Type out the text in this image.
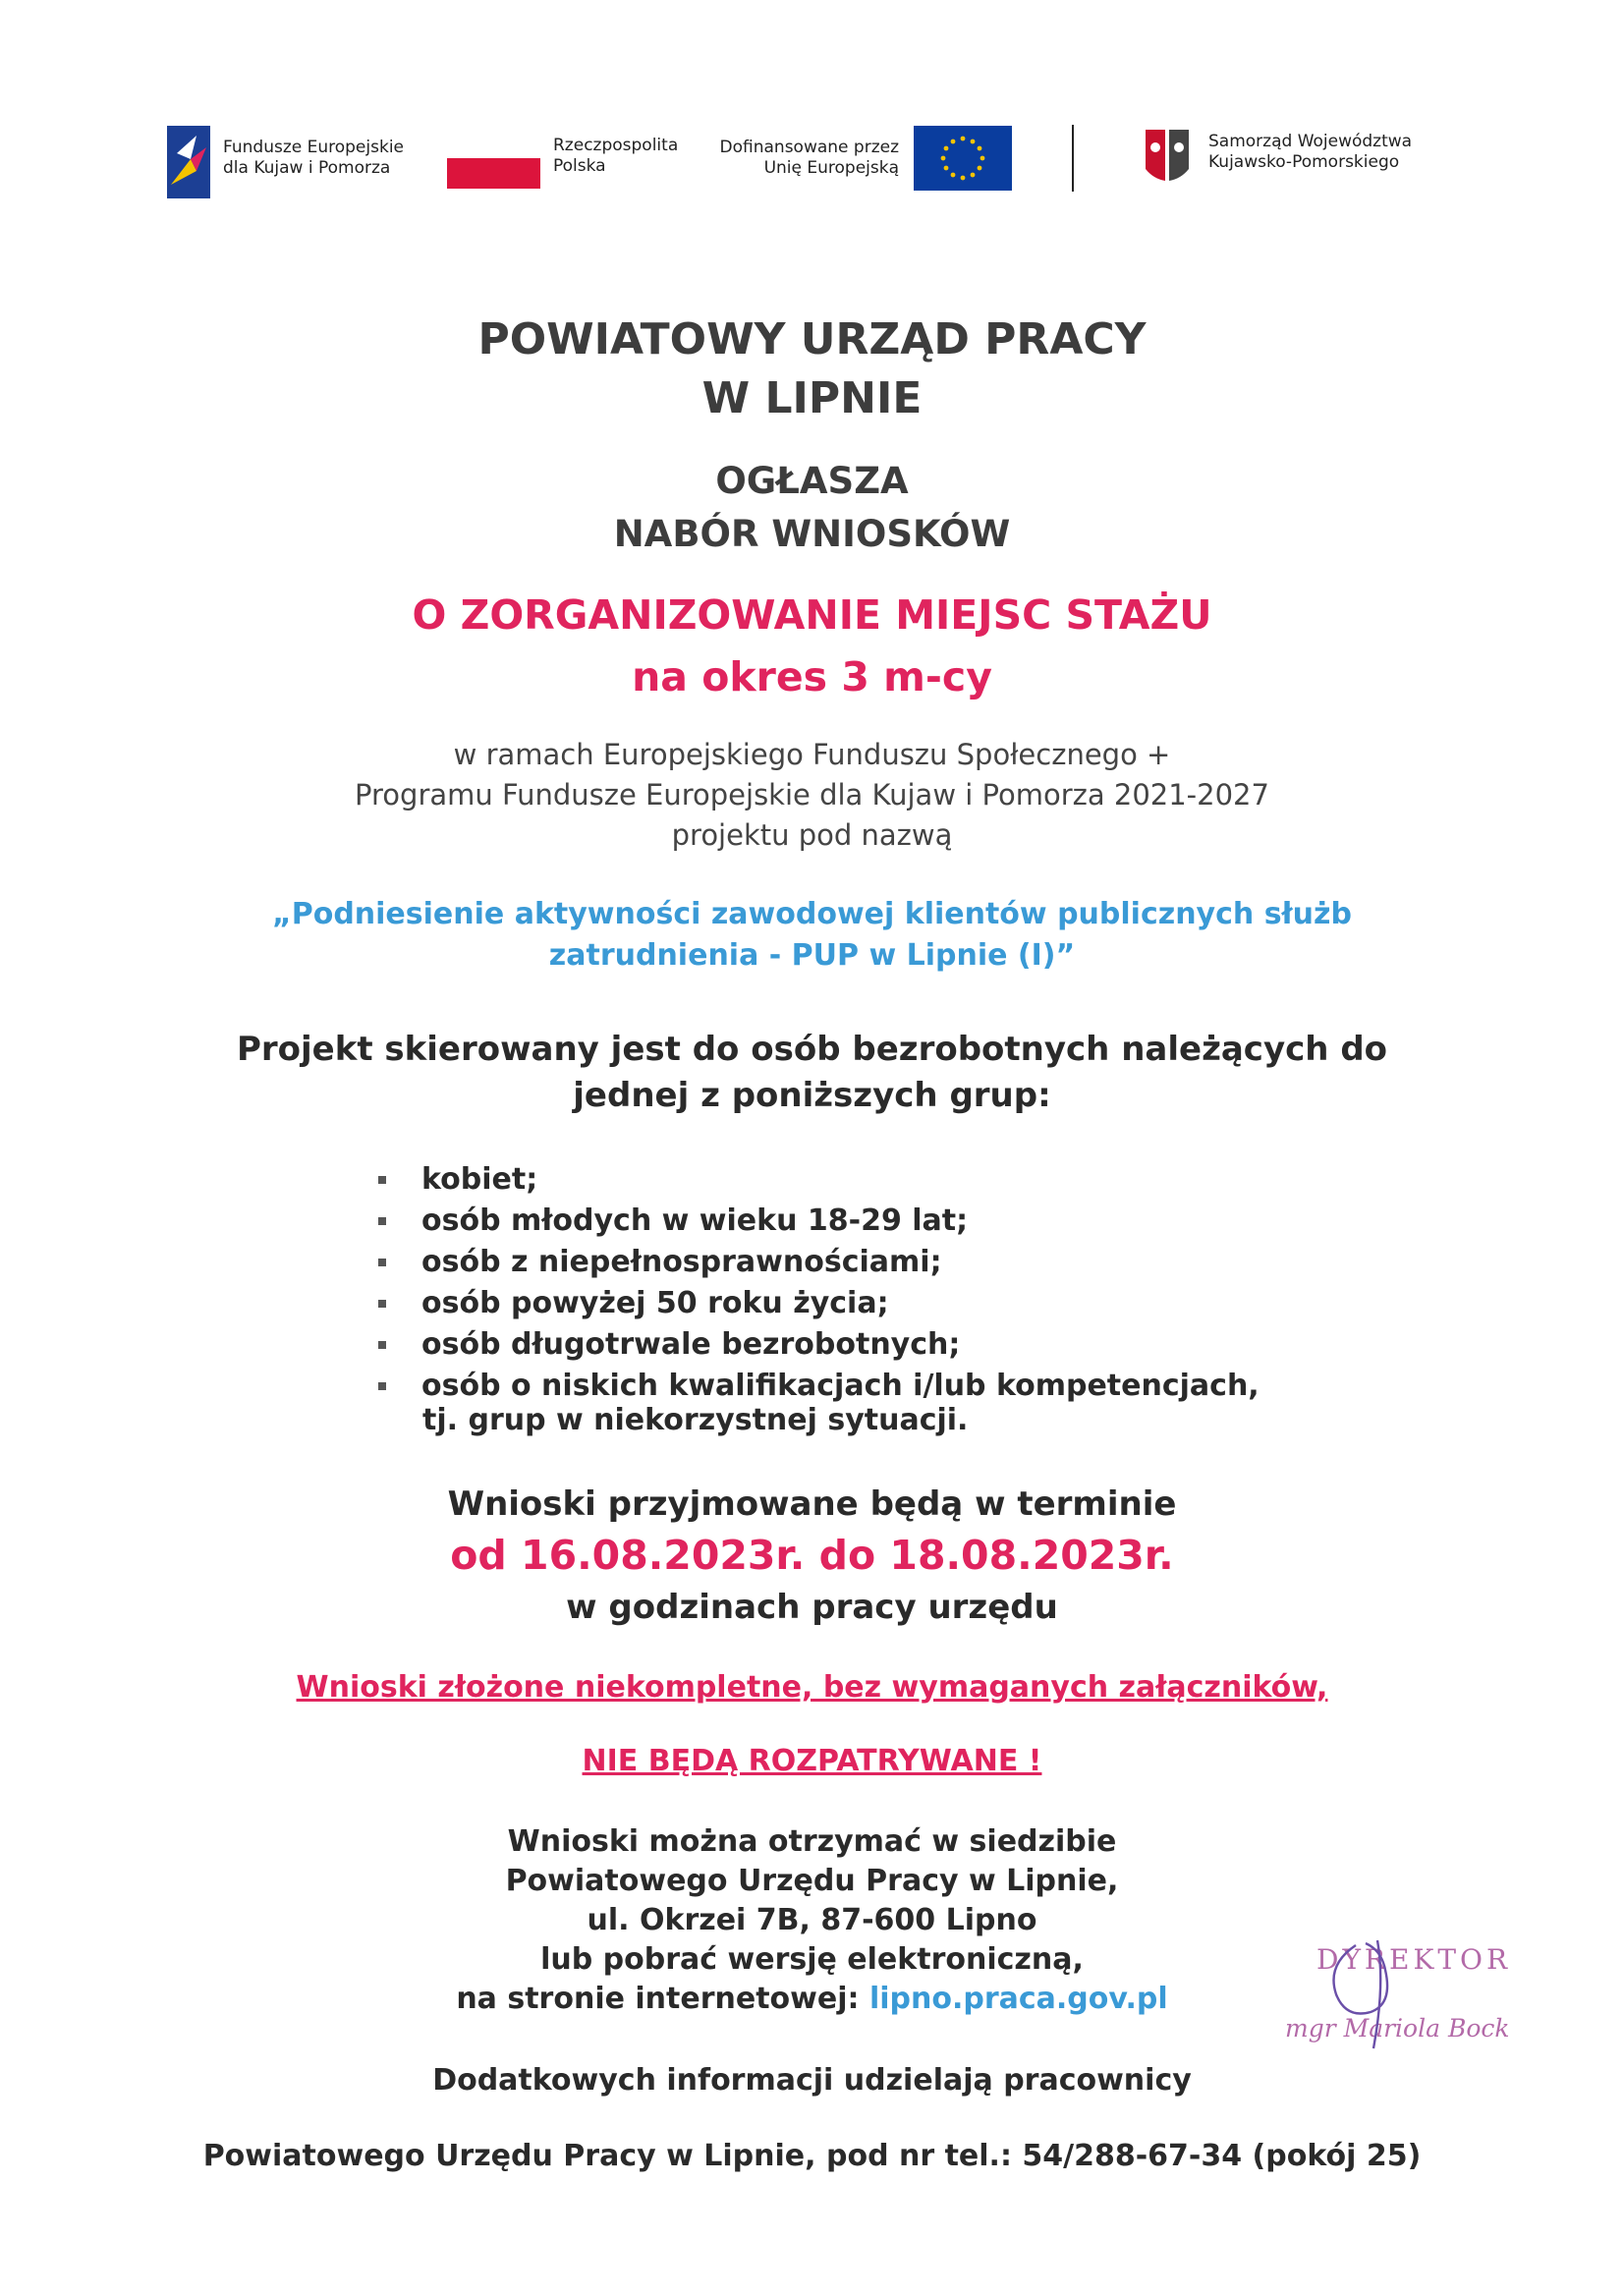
Fundusze Europejskie
dla Kujaw i Pomorza
Rzeczpospolita
Polska
Dofinansowane przez
Unię Europejską
Samorząd Województwa
Kujawsko-Pomorskiego
POWIATOWY URZĄD PRACY
W LIPNIE
OGŁASZA
NABÓR WNIOSKÓW
O ZORGANIZOWANIE MIEJSC STAŻU
na okres 3 m-cy
w ramach Europejskiego Funduszu Społecznego +
Programu Fundusze Europejskie dla Kujaw i Pomorza 2021-2027
projektu pod nazwą
„Podniesienie aktywności zawodowej klientów publicznych służb
zatrudnienia - PUP w Lipnie (I)”
Projekt skierowany jest do osób bezrobotnych należących do
jednej z poniższych grup:
kobiet;
osób młodych w wieku 18-29 lat;
osób z niepełnosprawnościami;
osób powyżej 50 roku życia;
osób długotrwale bezrobotnych;
osób o niskich kwalifikacjach i/lub kompetencjach,
tj. grup w niekorzystnej sytuacji.
Wnioski przyjmowane będą w terminie
od 16.08.2023r. do 18.08.2023r.
w godzinach pracy urzędu
Wnioski złożone niekompletne, bez wymaganych załączników,
NIE BĘDĄ ROZPATRYWANE !
Wnioski można otrzymać w siedzibie
Powiatowego Urzędu Pracy w Lipnie,
ul. Okrzei 7B, 87-600 Lipno
lub pobrać wersję elektroniczną,
na stronie internetowej: lipno.praca.gov.pl
Dodatkowych informacji udzielają pracownicy
Powiatowego Urzędu Pracy w Lipnie, pod nr tel.: 54/288-67-34 (pokój 25)
DYREKTOR
mgr Mariola Bock
